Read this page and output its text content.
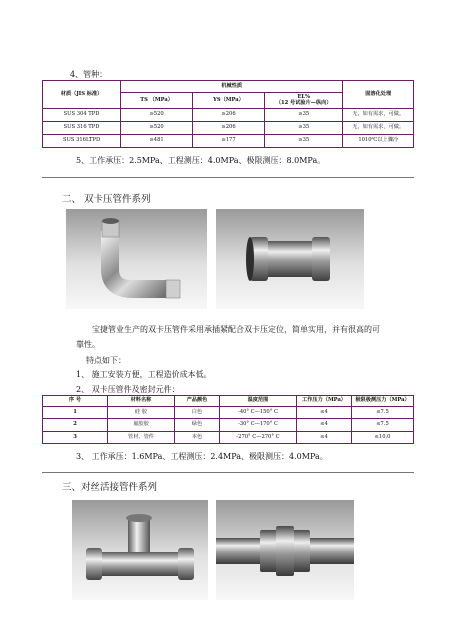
4、管种：
材质（JIS 标准）	机械性质			固溶化处理
	TS （MPa）	YS（MPa）	EL%
（12 号试验片—纵向）	

SUS 304 TPD	≥520	≥206	≥35	无，如有需求，可做。
SUS 316 TPD	≥520	≥206	≥35	无，如有需求，可做。
SUS 316LTPD	≥481	≥177	≥35	1010℃以上骤冷
5、工作承压：2.5MPa、工程测压：4.0MPa、极限测压：8.0MPa。
二、 双卡压管件系列
宝捷管业生产的双卡压管件采用承插紧配合双卡压定位，简单实用，并有很高的可
靠性。
特点如下：
1、 施工安装方便，工程造价成本低。
2、 双卡压管件及密封元件：
序 号	材料名称	产品颜色	温度范围	工作压力（MPa）	极限极测压力（MPa）
1	硅 胶	白色	-40° C—150° C	≤4	≤7.5
2	氟胶胶	绿色	-30° C—170° C	≤4	≤7.5
3	管材、管件	本色	-270° C—270° C	≤4	≤10.0
3、 工作承压：1.6MPa、工程测压：2.4MPa、极限测压：4.0MPa。
三、对丝活接管件系列
